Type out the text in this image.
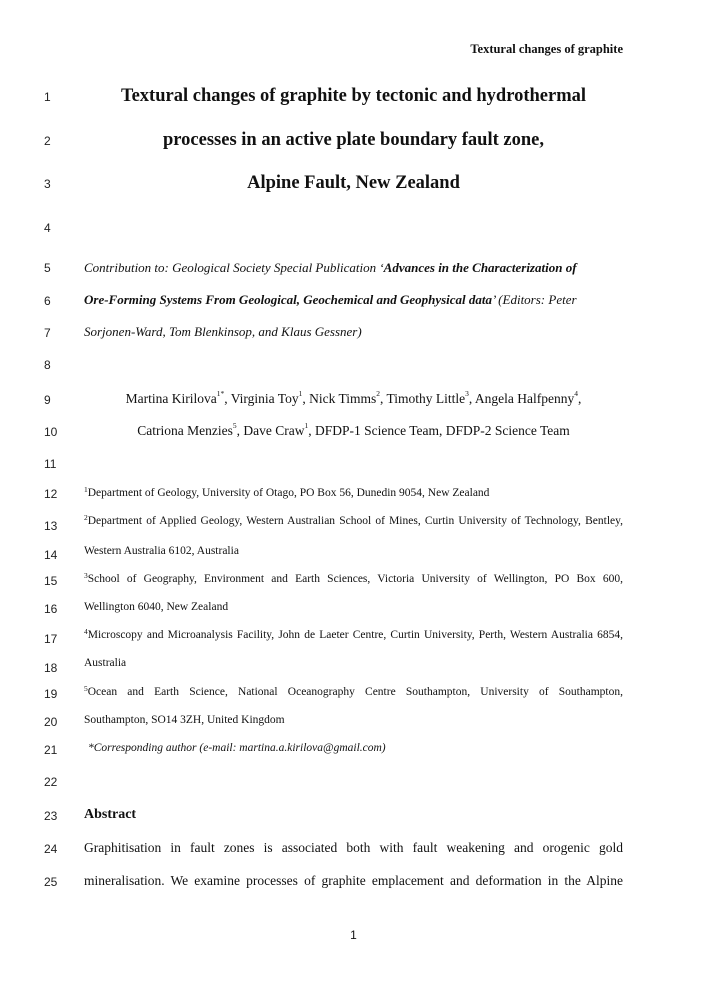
Textural changes of graphite
1
2
3
4
5
6
7
8
9
10
11
12
13
14
15
16
17
18
19
20
21
22
23
24
25
Textural changes of graphite by tectonic and hydrothermal
processes in an active plate boundary fault zone,
Alpine Fault, New Zealand
Contribution to: Geological Society Special Publication ‘Advances in the Characterization of
Ore-Forming Systems From Geological, Geochemical and Geophysical data’ (Editors: Peter
Sorjonen-Ward, Tom Blenkinsop, and Klaus Gessner)
Martina Kirilova$^{1*}$, Virginia Toy$^1$, Nick Timms$^2$, Timothy Little$^3$, Angela Halfpenny$^4$,
Catriona Menzies$^5$, Dave Craw$^1$, DFDP-1 Science Team, DFDP-2 Science Team
$^1$Department of Geology, University of Otago, PO Box 56, Dunedin 9054, New Zealand
$^2$Department of Applied Geology, Western Australian School of Mines, Curtin University of Technology, Bentley,
Western Australia 6102, Australia
$^3$School of Geography, Environment and Earth Sciences, Victoria University of Wellington, PO Box 600,
Wellington 6040, New Zealand
$^4$Microscopy and Microanalysis Facility, John de Laeter Centre, Curtin University, Perth, Western Australia 6854,
Australia
$^5$Ocean and Earth Science, National Oceanography Centre Southampton, University of Southampton,
Southampton, SO14 3ZH, United Kingdom
*Corresponding author (e-mail: martina.a.kirilova@gmail.com)
Abstract
Graphitisation in fault zones is associated both with fault weakening and orogenic gold
mineralisation. We examine processes of graphite emplacement and deformation in the Alpine
1
